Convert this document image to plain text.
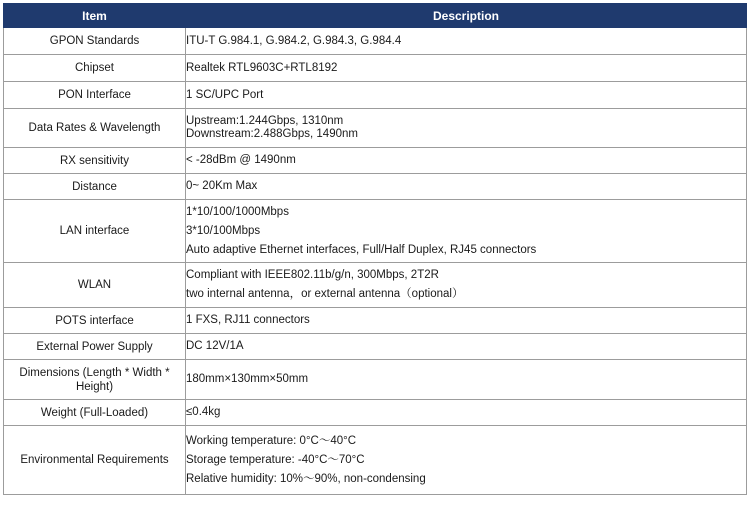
Item	Description
GPON Standards	ITU-T G.984.1, G.984.2, G.984.3, G.984.4

Chipset	Realtek RTL9603C+RTL8192

PON Interface	1 SC/UPC Port

Data Rates & Wavelength	Upstream:1.244Gbps, 1310nm
Downstream:2.488Gbps, 1490nm

RX sensitivity	< -28dBm @ 1490nm

Distance	0~ 20Km Max

LAN interface	1*10/100/1000Mbps
3*10/100Mbps
Auto adaptive Ethernet interfaces, Full/Half Duplex, RJ45 connectors

WLAN	Compliant with IEEE802.11b/g/n, 300Mbps, 2T2R
two internal antenna，or external antenna（optional）

POTS interface	1 FXS, RJ11 connectors

External Power Supply	DC 12V/1A

Dimensions (Length * Width * Height)	180mm×130mm×50mm

Weight (Full-Loaded)	≤0.4kg

Environmental Requirements	Working temperature: 0°C～40°C
Storage temperature: -40°C～70°C
Relative humidity: 10%～90%, non-condensing
